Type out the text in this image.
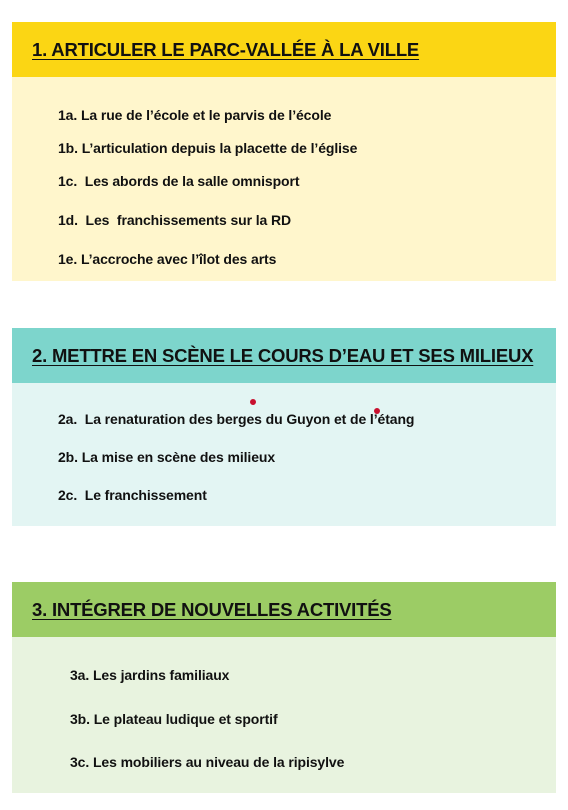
1. ARTICULER LE PARC-VALLÉE À LA VILLE
1a. La rue de l’école et le parvis de l’école
1b. L’articulation depuis la placette de l’église
1c.  Les abords de la salle omnisport
1d.  Les  franchissements sur la RD
1e. L’accroche avec l’îlot des arts
2. METTRE EN SCÈNE LE COURS D’EAU ET SES MILIEUX
2a.  La renaturation des berges du Guyon et de l’étang
2b. La mise en scène des milieux
2c.  Le franchissement
3. INTÉGRER DE NOUVELLES ACTIVITÉS
3a. Les jardins familiaux
3b. Le plateau ludique et sportif
3c. Les mobiliers au niveau de la ripisylve
